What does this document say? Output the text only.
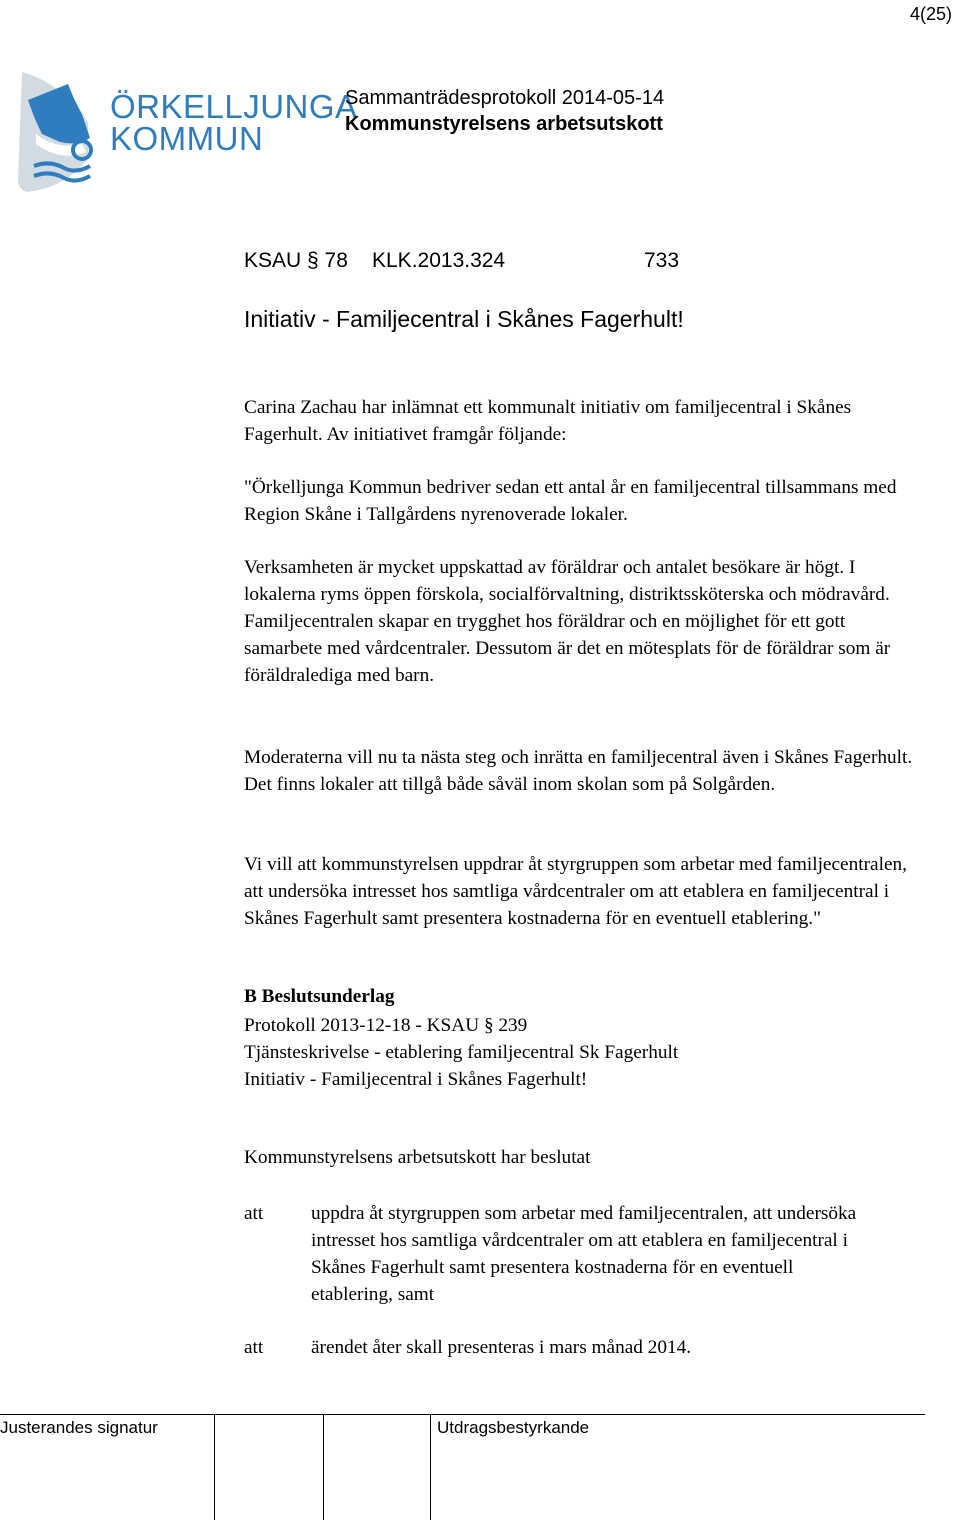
4(25)
ÖRKELLJUNGA
KOMMUN
Sammanträdesprotokoll 2014-05-14
Kommunstyrelsens arbetsutskott
KSAU § 78 KLK.2013.324	733
Initiativ - Familjecentral i Skånes Fagerhult!

Carina Zachau har inlämnat ett kommunalt initiativ om familjecentral i Skånes Fagerhult. Av initiativet framgår följande:

"Örkelljunga Kommun bedriver sedan ett antal år en familjecentral tillsammans med Region Skåne i Tallgårdens nyrenoverade lokaler.

Verksamheten är mycket uppskattad av föräldrar och antalet besökare är högt. I lokalerna ryms öppen förskola, socialförvaltning, distriktssköterska och mödravård. Familjecentralen skapar en trygghet hos föräldrar och en möjlighet för ett gott samarbete med vårdcentraler. Dessutom är det en mötesplats för de föräldrar som är föräldralediga med barn.

Moderaterna vill nu ta nästa steg och inrätta en familjecentral även i Skånes Fagerhult. Det finns lokaler att tillgå både såväl inom skolan som på Solgården.

Vi vill att kommunstyrelsen uppdrar åt styrgruppen som arbetar med familjecentralen, att undersöka intresset hos samtliga vårdcentraler om att etablera en familjecentral i Skånes Fagerhult samt presentera kostnaderna för en eventuell etablering."

B Beslutsunderlag
Protokoll 2013-12-18 - KSAU § 239
Tjänsteskrivelse - etablering familjecentral Sk Fagerhult
Initiativ - Familjecentral i Skånes Fagerhult!
Kommunstyrelsens arbetsutskott har beslutat
att uppdra åt styrgruppen som arbetar med familjecentralen, att undersöka intresset hos samtliga vårdcentraler om att etablera en familjecentral i Skånes Fagerhult samt presentera kostnaderna för en eventuell etablering, samt
att ärendet åter skall presenteras i mars månad 2014.
Justerandes signatur	Utdragsbestyrkande
